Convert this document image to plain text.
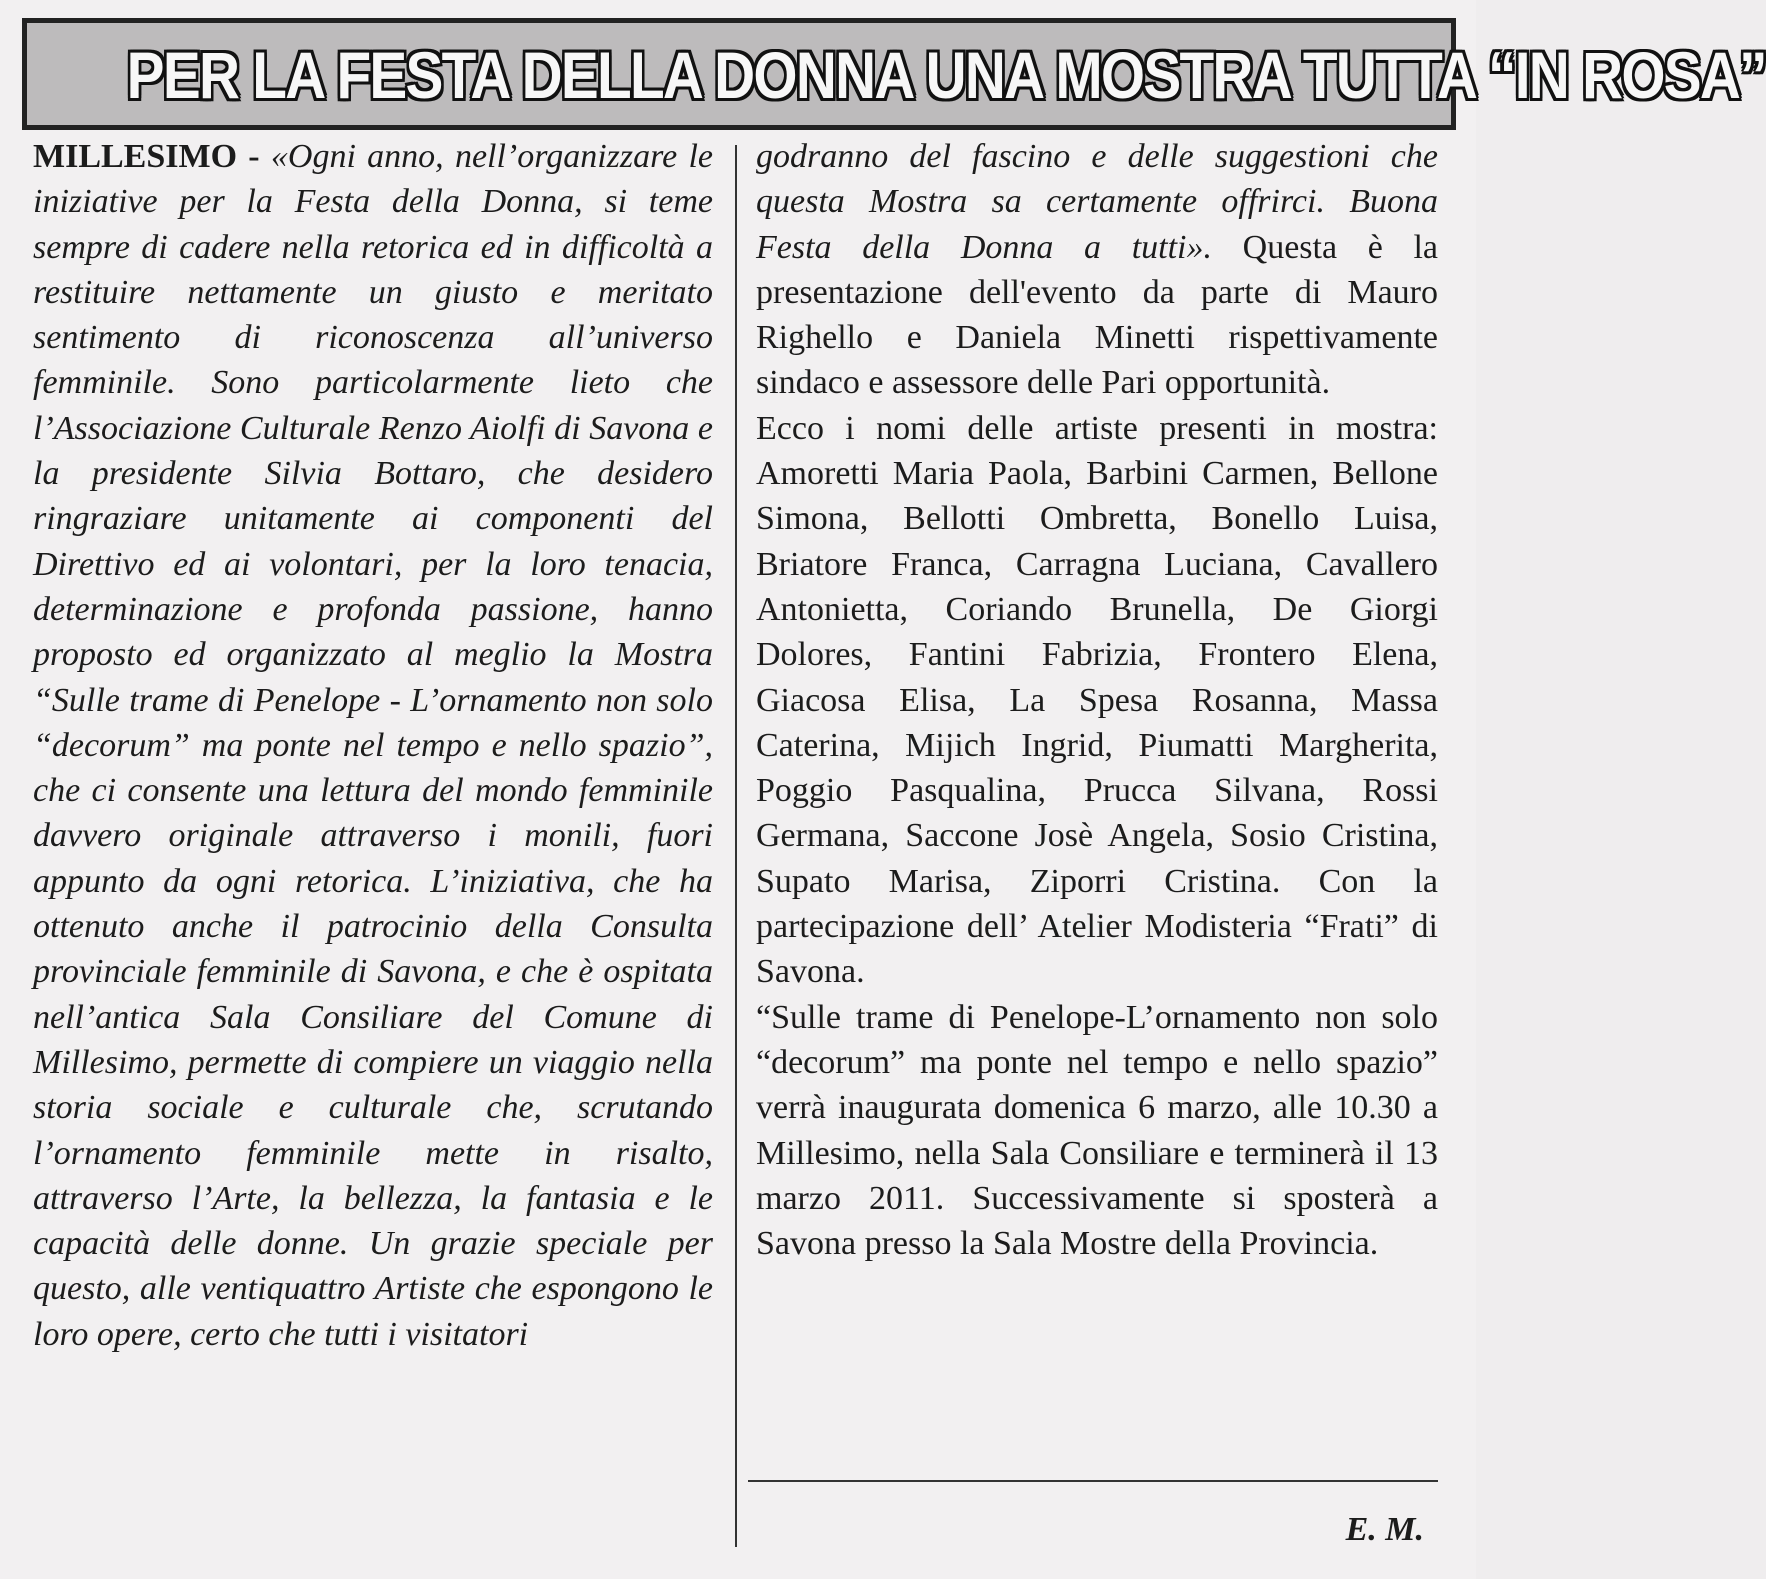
PER LA FESTA DELLA DONNA UNA MOSTRA TUTTA “IN ROSA”

MILLESIMO - «Ogni anno, nell’organizzare le iniziative per la Festa della Donna, si teme sempre di cadere nella retorica ed in difficoltà a restituire nettamente un giusto e meritato sentimento di riconoscenza all’universo femminile. Sono particolarmente lieto che l’Associazione Culturale Renzo Aiolfi di Savona e la presidente Silvia Bottaro, che desidero ringraziare unitamente ai componenti del Direttivo ed ai volontari, per la loro tenacia, determinazione e profonda passione, hanno proposto ed organizzato al meglio la Mostra “Sulle trame di Penelope - L’ornamento non solo “decorum” ma ponte nel tempo e nello spazio”, che ci consente una lettura del mondo femminile davvero originale attraverso i monili, fuori appunto da ogni retorica. L’iniziativa, che ha ottenuto anche il patrocinio della Consulta provinciale femminile di Savona, e che è ospitata nell’antica Sala Consiliare del Comune di Millesimo, permette di compiere un viaggio nella storia sociale e culturale che, scrutando l’ornamento femminile mette in risalto, attraverso l’Arte, la bellezza, la fantasia e le capacità delle donne. Un grazie speciale per questo, alle ventiquattro Artiste che espongono le loro opere, certo che tutti i visitatori

godranno del fascino e delle suggestioni che questa Mostra sa certamente offrirci. Buona Festa della Donna a tutti». Questa è la presentazione dell'evento da parte di Mauro Righello e Daniela Minetti rispettivamente sindaco e assessore delle Pari opportunità.

Ecco i nomi delle artiste presenti in mostra: Amoretti Maria Paola, Barbini Carmen, Bellone Simona, Bellotti Ombretta, Bonello Luisa, Briatore Franca, Carragna Luciana, Cavallero Antonietta, Coriando Brunella, De Giorgi Dolores, Fantini Fabrizia, Frontero Elena, Giacosa Elisa, La Spesa Rosanna, Massa Caterina, Mijich Ingrid, Piumatti Margherita, Poggio Pasqualina, Prucca Silvana, Rossi Germana, Saccone Josè Angela, Sosio Cristina, Supato Marisa, Ziporri Cristina. Con la partecipazione dell’ Atelier Modisteria “Frati” di Savona.

“Sulle trame di Penelope-L’ornamento non solo “decorum” ma ponte nel tempo e nello spazio” verrà inaugurata domenica 6 marzo, alle 10.30 a Millesimo, nella Sala Consiliare e terminerà il 13 marzo 2011. Successivamente si sposterà a Savona presso la Sala Mostre della Provincia.

E. M.
